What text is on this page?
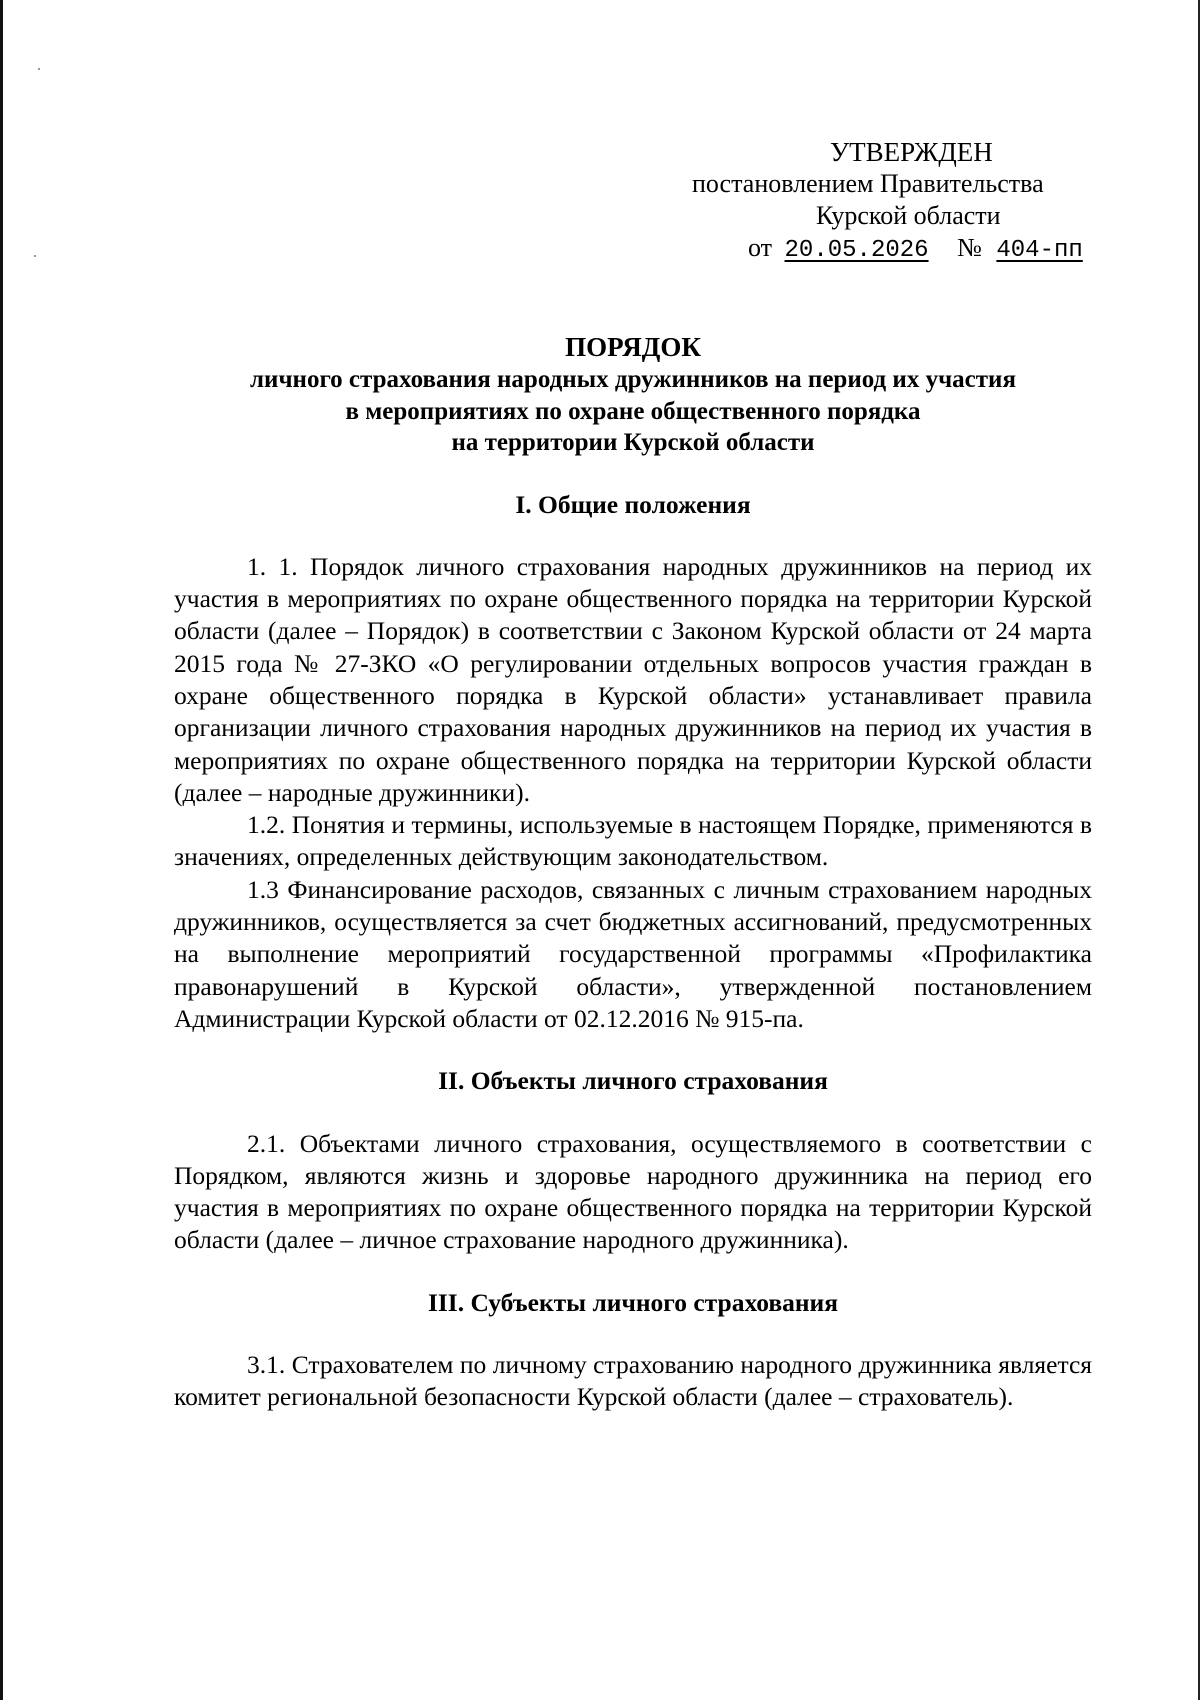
УТВЕРЖДЕН
постановлением Правительства
Курской области
от 20.05.2026 № 404-пп
ПОРЯДОК
личного страхования народных дружинников на период их участия
в мероприятиях по охране общественного порядка
на территории Курской области
I. Общие положения

1. 1. Порядок личного страхования народных дружинников на период их участия в мероприятиях по охране общественного порядка на территории Курской области (далее – Порядок) в соответствии с Законом Курской области от 24 марта 2015 года № 27-ЗКО «О регулировании отдельных вопросов участия граждан в охране общественного порядка в Курской области» устанавливает правила организации личного страхования народных дружинников на период их участия в мероприятиях по охране общественного порядка на территории Курской области (далее – народные дружинники).

1.2. Понятия и термины, используемые в настоящем Порядке, применяются в значениях, определенных действующим законодательством.

1.3 Финансирование расходов, связанных с личным страхованием народных дружинников, осуществляется за счет бюджетных ассигнований, предусмотренных на выполнение мероприятий государственной программы «Профилактика правонарушений в Курской области», утвержденной постановлением Администрации Курской области от 02.12.2016 № 915-па.

II. Объекты личного страхования

2.1. Объектами личного страхования, осуществляемого в соответствии с Порядком, являются жизнь и здоровье народного дружинника на период его участия в мероприятиях по охране общественного порядка на территории Курской области (далее – личное страхование народного дружинника).

III. Субъекты личного страхования

3.1. Страхователем по личному страхованию народного дружинника является комитет региональной безопасности Курской области (далее – страхователь).
